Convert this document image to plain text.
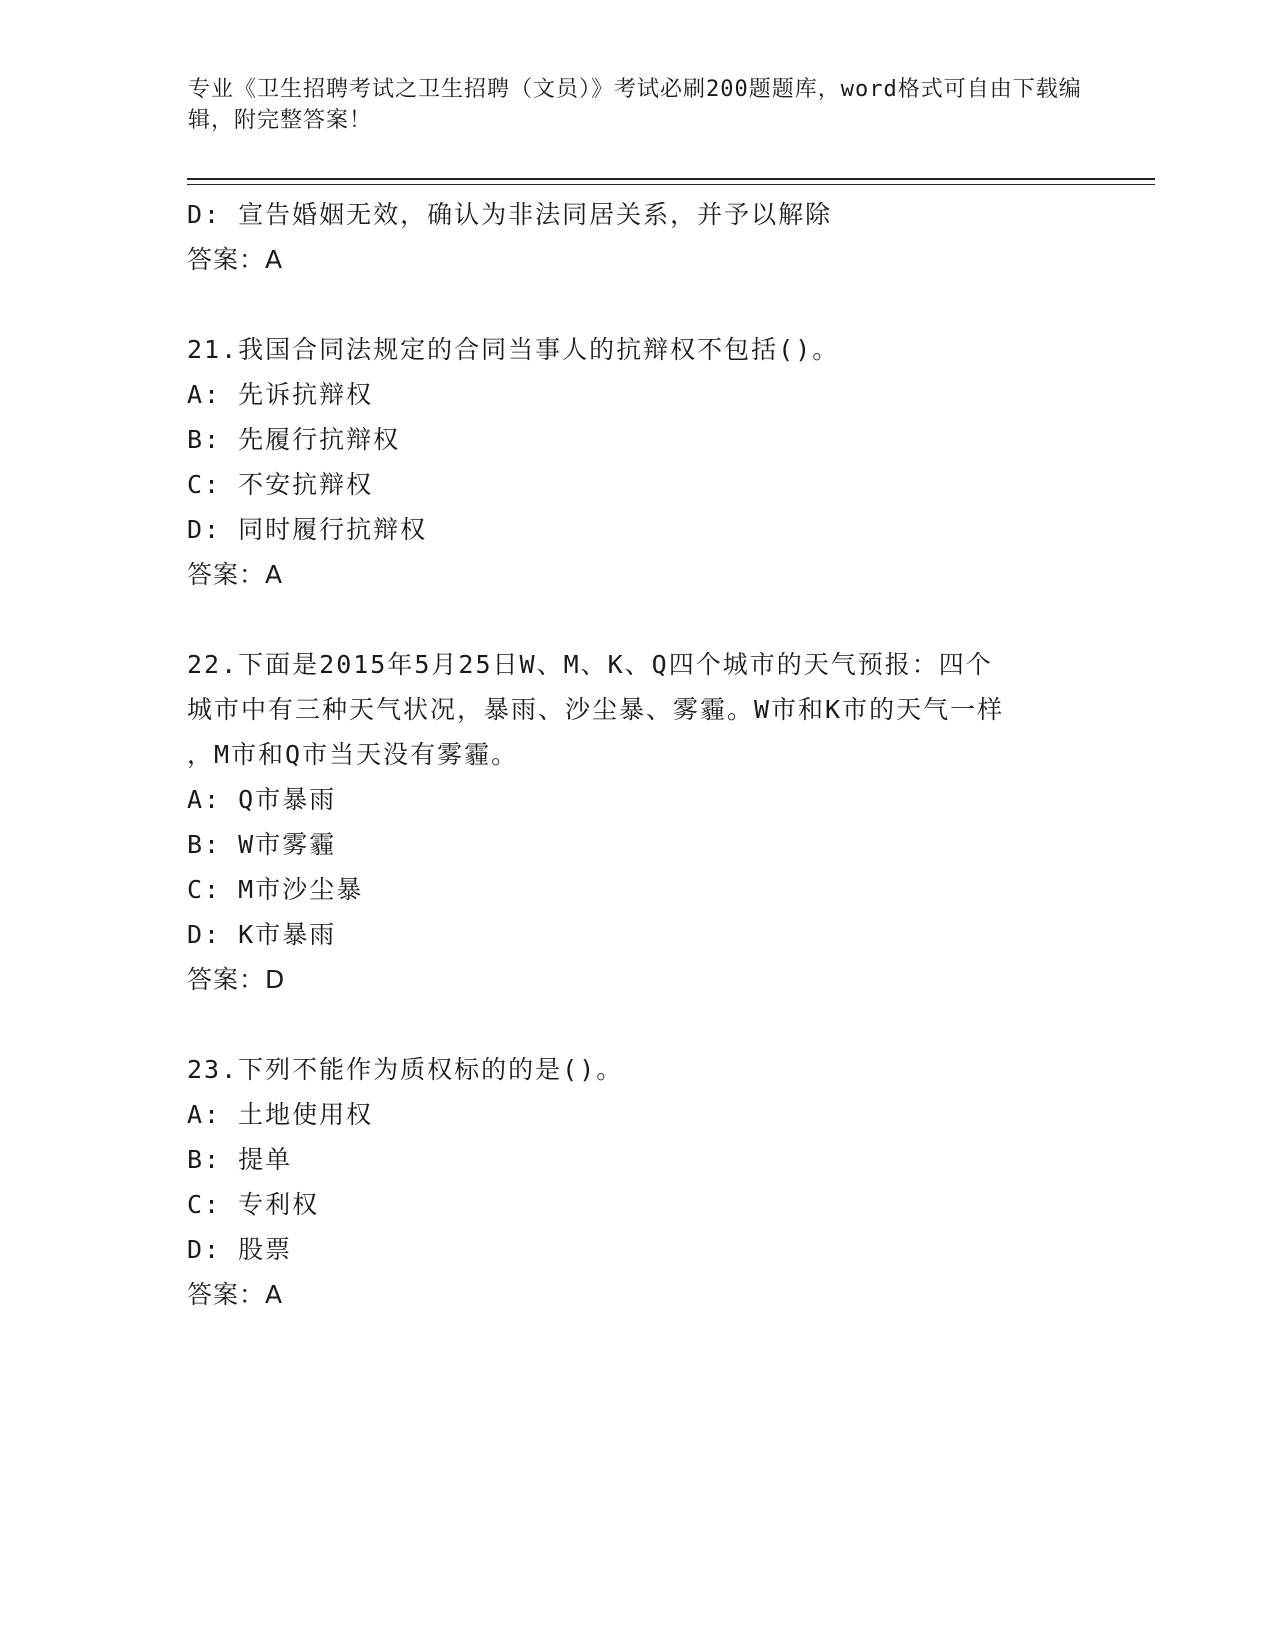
专业《卫生招聘考试之卫生招聘（文员）》考试必刷200题题库，word格式可自由下载编辑，附完整答案！
D: 宣告婚姻无效，确认为非法同居关系，并予以解除
答案：A
21.我国合同法规定的合同当事人的抗辩权不包括()。
A: 先诉抗辩权
B: 先履行抗辩权
C: 不安抗辩权
D: 同时履行抗辩权
答案：A
22.下面是2015年5月25日W、M、K、Q四个城市的天气预报：四个
城市中有三种天气状况，暴雨、沙尘暴、雾霾。W市和K市的天气一样
，M市和Q市当天没有雾霾。
A: Q市暴雨
B: W市雾霾
C: M市沙尘暴
D: K市暴雨
答案：D
23.下列不能作为质权标的的是()。
A: 土地使用权
B: 提单
C: 专利权
D: 股票
答案：A
